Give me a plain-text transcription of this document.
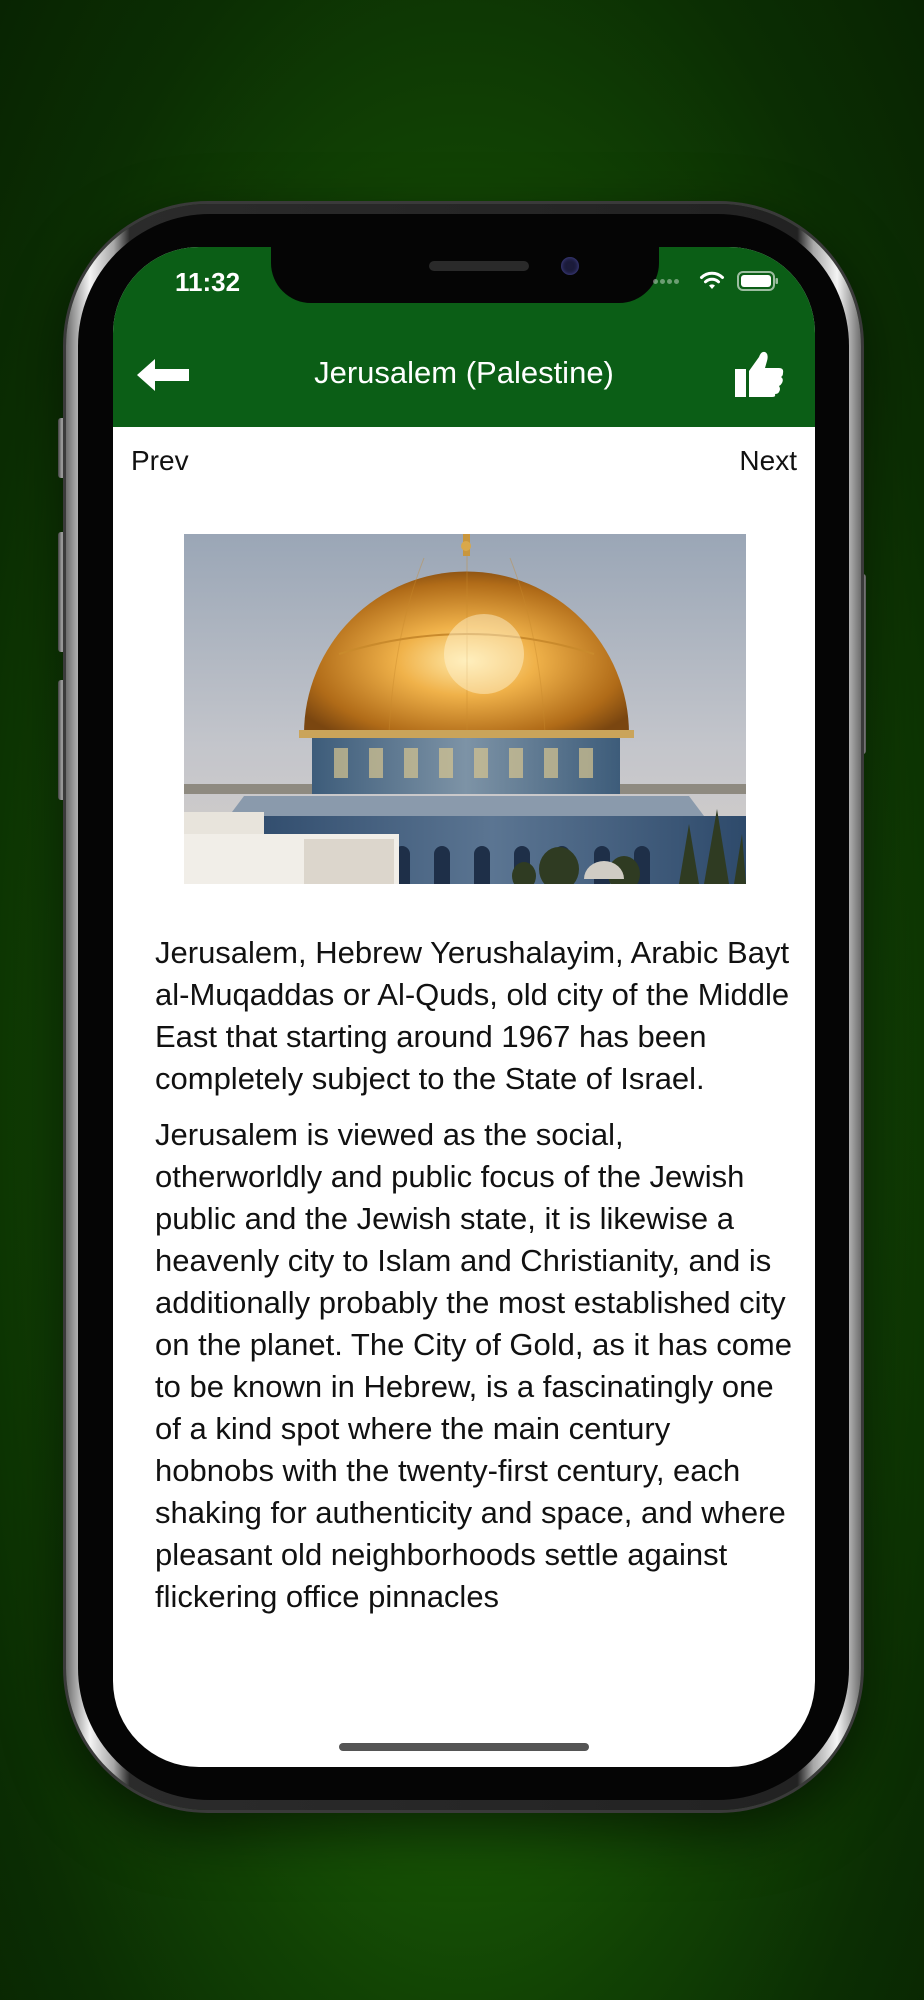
11:32
Jerusalem (Palestine)
Prev	Next

Jerusalem, Hebrew Yerushalayim, Arabic Bayt al-Muqaddas or Al-Quds, old city of the Middle East that starting around 1967 has been completely subject to the State of Israel.

Jerusalem is viewed as the social, otherworldly and public focus of the Jewish public and the Jewish state, it is likewise a heavenly city to Islam and Christianity, and is additionally probably the most established city on the planet. The City of Gold, as it has come to be known in Hebrew, is a fascinatingly one of a kind spot where the main century hobnobs with the twenty-first century, each shaking for authenticity and space, and where pleasant old neighborhoods settle against flickering office pinnacles
